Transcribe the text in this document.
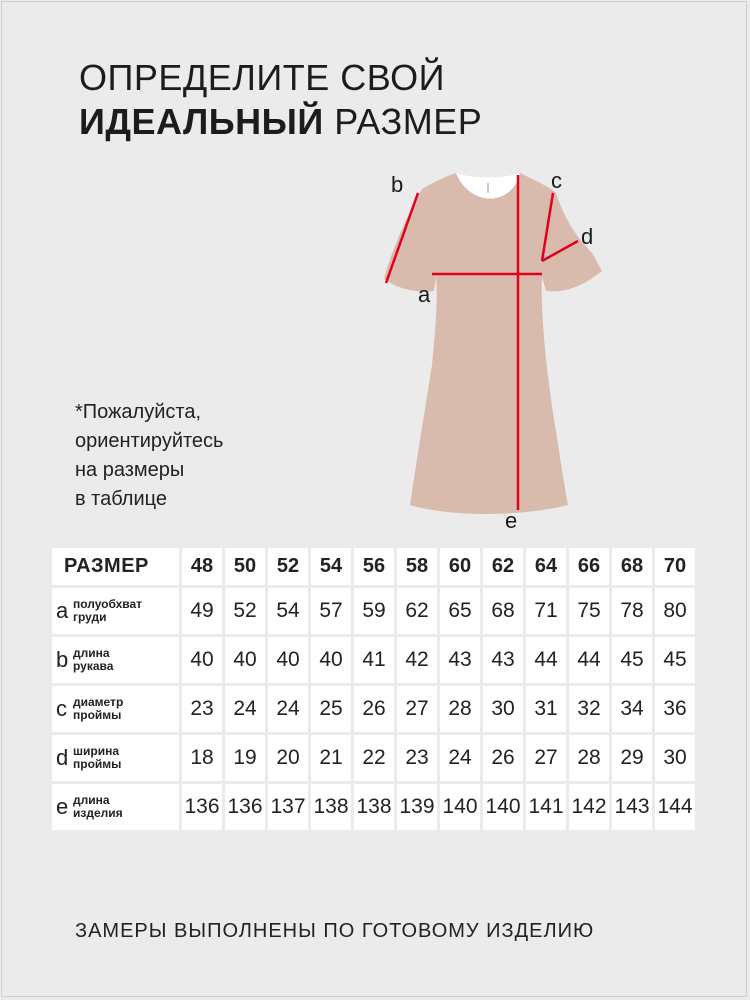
ОПРЕДЕЛИТЕ СВОЙ
ИДЕАЛЬНЫЙ РАЗМЕР
*Пожалуйста,
ориентируйтесь
на размеры
в таблице
b	c
d
a
e
РАЗМЕР	48	50	52	54	56	58	60	62	64	66	68	70
a полуобхват
груди	49	52	54	57	59	62	65	68	71	75	78	80
b длина
рукава	40	40	40	40	41	42	43	43	44	44	45	45
c диаметр
проймы	23	24	24	25	26	27	28	30	31	32	34	36
d ширина
проймы	18	19	20	21	22	23	24	26	27	28	29	30
e длина
изделия	136	136	137	138	138	139	140	140	141	142	143	144
ЗАМЕРЫ ВЫПОЛНЕНЫ ПО ГОТОВОМУ ИЗДЕЛИЮ
